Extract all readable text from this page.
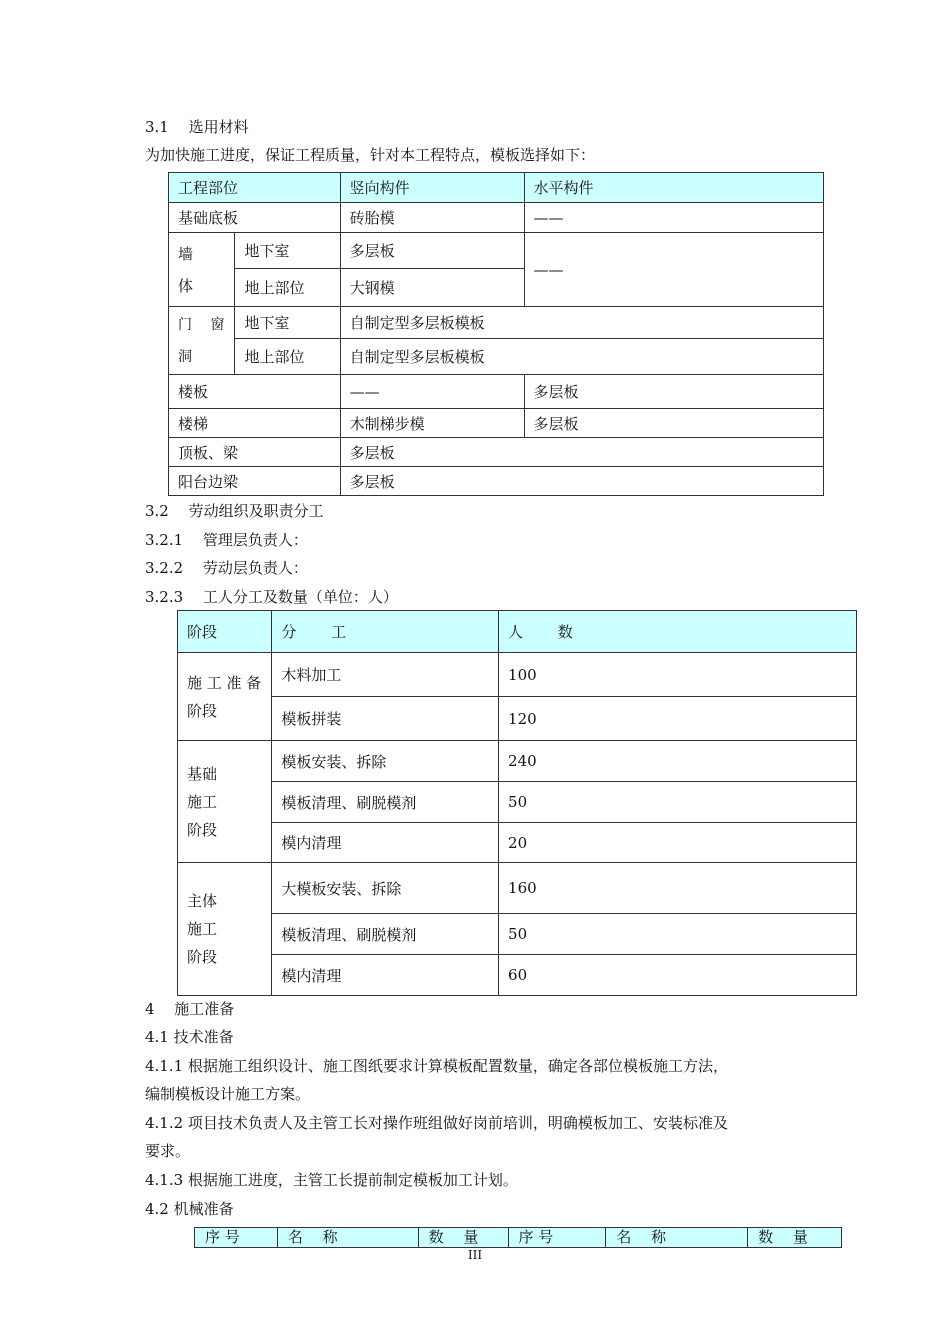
3.1　 选用材料
为加快施工进度，保证工程质量，针对本工程特点，模板选择如下：
工程部位		竖向构件	水平构件
基础底板		砖胎模	——

墙
体	地下室	多层板	——
	地上部位	大钢模	

门　 窗
洞	地下室	自制定型多层板模板	
	地上部位	自制定型多层板模板	
楼板		——	多层板
楼梯		木制梯步模	多层板
顶板、梁		多层板	
阳台边梁		多层板	
3.2　 劳动组织及职责分工
3.2.1　 管理层负责人：
3.2.2　 劳动层负责人：
3.2.3　 工人分工及数量（单位：人）
阶段	分　　 工	人　　 数

施 工 准 备
阶段	木料加工	100
	模板拼装	120

基础
施工
阶段	模板安装、拆除	240
	模板清理、刷脱模剂	50
	模内清理	20

主体
施工
阶段	大模板安装、拆除	160
	模板清理、刷脱模剂	50
	模内清理	60
4　 施工准备
4.1 技术准备
4.1.1 根据施工组织设计、施工图纸要求计算模板配置数量，确定各部位模板施工方法，
编制模板设计施工方案。
4.1.2 项目技术负责人及主管工长对操作班组做好岗前培训，明确模板加工、安装标准及
要求。
4.1.3 根据施工进度，主管工长提前制定模板加工计划。
4.2 机械准备
序 号	名　 称	数　 量	序 号	名　 称	数　 量
III
